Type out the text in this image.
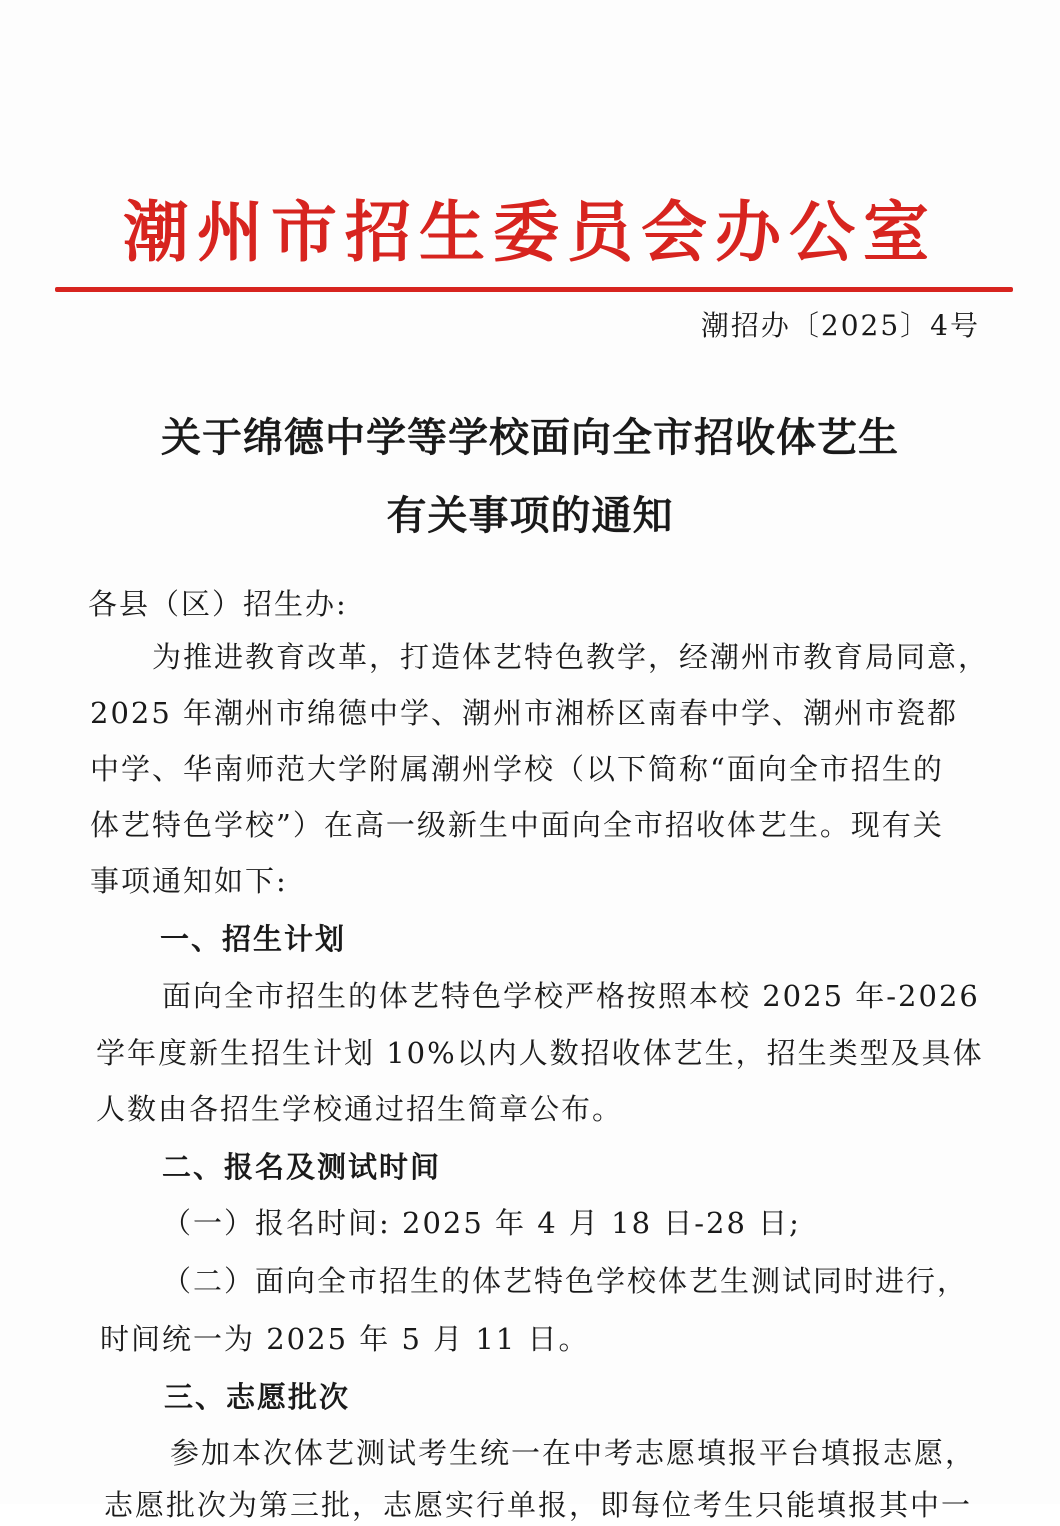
潮州市招生委员会办公室
潮招办〔2025〕4号
关于绵德中学等学校面向全市招收体艺生
有关事项的通知
各县（区）招生办:
为推进教育改革，打造体艺特色教学，经潮州市教育局同意，
2025 年潮州市绵德中学、潮州市湘桥区南春中学、潮州市瓷都
中学、华南师范大学附属潮州学校（以下简称“面向全市招生的
体艺特色学校”）在高一级新生中面向全市招收体艺生。现有关
事项通知如下:
一、招生计划
面向全市招生的体艺特色学校严格按照本校 2025 年-2026
学年度新生招生计划 10%以内人数招收体艺生，招生类型及具体
人数由各招生学校通过招生简章公布。
二、报名及测试时间
（一）报名时间: 2025 年 4 月 18 日-28 日;
（二）面向全市招生的体艺特色学校体艺生测试同时进行，
时间统一为 2025 年 5 月 11 日。
三、志愿批次
参加本次体艺测试考生统一在中考志愿填报平台填报志愿，
志愿批次为第三批，志愿实行单报，即每位考生只能填报其中一
